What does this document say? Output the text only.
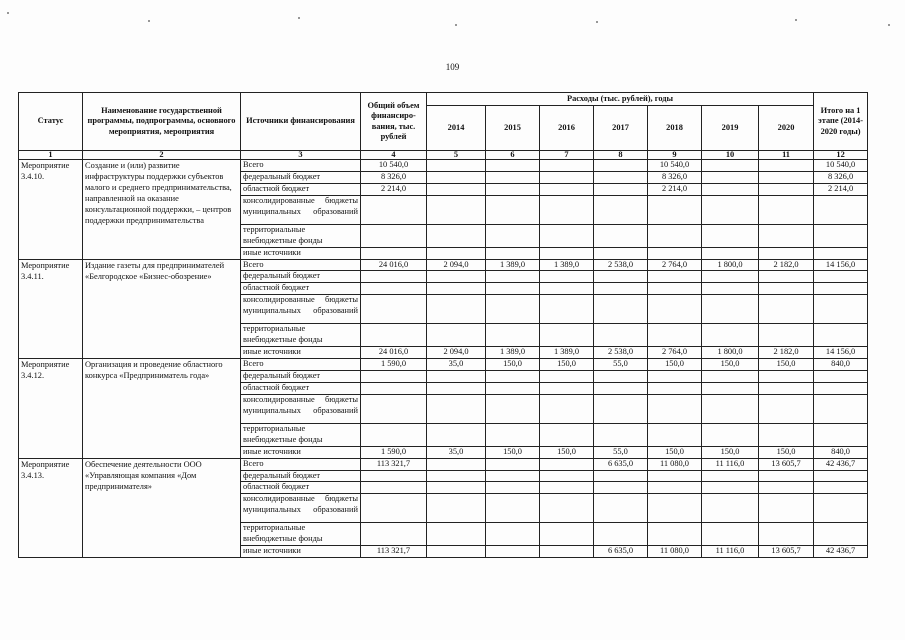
109
Статус	Наименование государственной программы, подпрограммы, основного мероприятия, мероприятия	Источники финансирования	Общий объем финансиро- вания, тыс. рублей	Расходы (тыс. рублей), годы							Итого на 1 этапе (2014-2020 годы)
				2014	2015	2016	2017	2018	2019	2020	
1	2	3	4	5	6	7	8	9	10	11	12
Мероприятие 3.4.10.	Создание и (или) развитие инфраструктуры поддержки субъектов малого и среднего предпринимательства, направленной на оказание консультационной поддержки, – центров поддержки предпринимательства	Всего	10 540,0					10 540,0			10 540,0
		федеральный бюджет	8 326,0					8 326,0			8 326,0
		областной бюджет	2 214,0					2 214,0			2 214,0
		консолидированные бюджеты муниципальных образований									
		территориальные внебюджетные фонды									
		иные источники									
Мероприятие 3.4.11.	Издание газеты для предпринимателей «Белгородское «Бизнес-обозрение»	Всего	24 016,0	2 094,0	1 389,0	1 389,0	2 538,0	2 764,0	1 800,0	2 182,0	14 156,0
		федеральный бюджет									
		областной бюджет									
		консолидированные бюджеты муниципальных образований									
		территориальные внебюджетные фонды									
		иные источники	24 016,0	2 094,0	1 389,0	1 389,0	2 538,0	2 764,0	1 800,0	2 182,0	14 156,0
Мероприятие 3.4.12.	Организация и проведение областного конкурса «Предприниматель года»	Всего	1 590,0	35,0	150,0	150,0	55,0	150,0	150,0	150,0	840,0
		федеральный бюджет									
		областной бюджет									
		консолидированные бюджеты муниципальных образований									
		территориальные внебюджетные фонды									
		иные источники	1 590,0	35,0	150,0	150,0	55,0	150,0	150,0	150,0	840,0
Мероприятие 3.4.13.	Обеспечение деятельности ООО «Управляющая компания «Дом предпринимателя»	Всего	113 321,7				6 635,0	11 080,0	11 116,0	13 605,7	42 436,7
		федеральный бюджет									
		областной бюджет									
		консолидированные бюджеты муниципальных образований									
		территориальные внебюджетные фонды									
		иные источники	113 321,7				6 635,0	11 080,0	11 116,0	13 605,7	42 436,7
